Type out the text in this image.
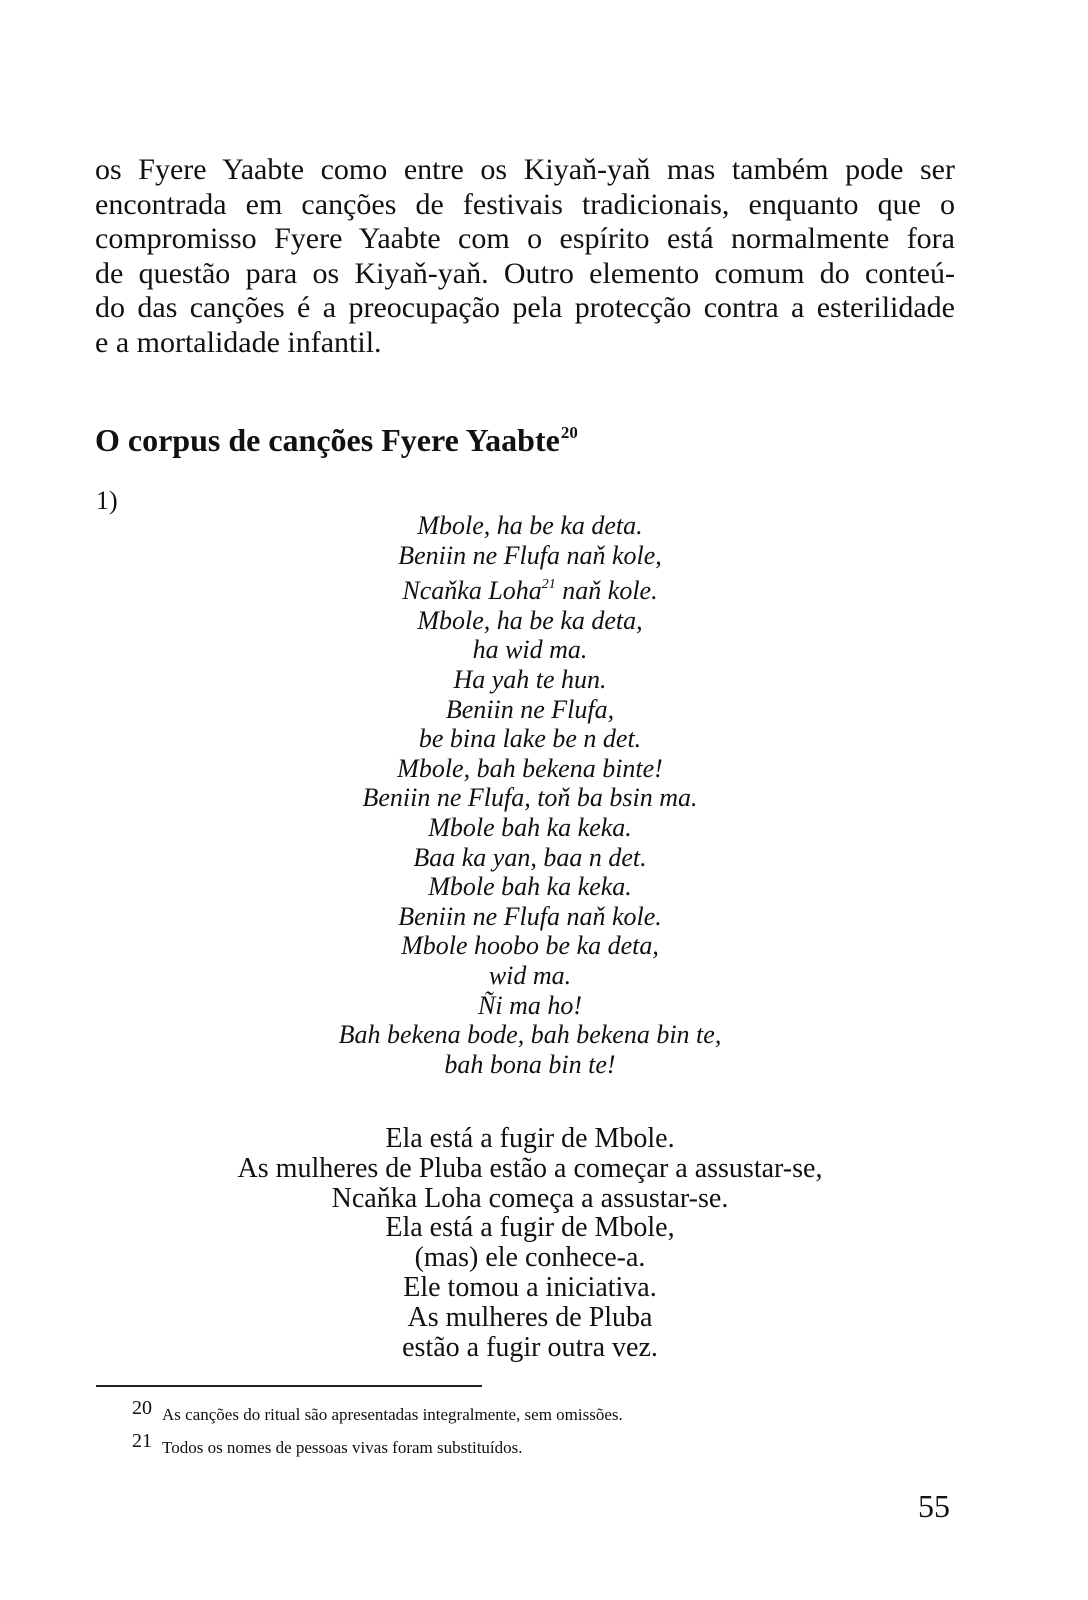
os Fyere Yaabte como entre os Kiyaň-yaň mas também pode ser
encontrada em canções de festivais tradicionais, enquanto que o
compromisso Fyere Yaabte com o espírito está normalmente fora
de questão para os Kiyaň-yaň. Outro elemento comum do conteú-
do das canções é a preocupação pela protecção contra a esterilidade
e a mortalidade infantil.
O corpus de canções Fyere Yaabte$^{20}$
1)
Mbole, ha be ka deta.
Beniin ne Flufa naň kole,
Ncaňka Loha$^{21}$ naň kole.
Mbole, ha be ka deta,
ha wid ma.
Ha yah te hun.
Beniin ne Flufa,
be bina lake be n det.
Mbole, bah bekena binte!
Beniin ne Flufa, toň ba bsin ma.
Mbole bah ka keka.
Baa ka yan, baa n det.
Mbole bah ka keka.
Beniin ne Flufa naň kole.
Mbole hoobo be ka deta,
wid ma.
Ñi ma ho!
Bah bekena bode, bah bekena bin te,
bah bona bin te!
Ela está a fugir de Mbole.
As mulheres de Pluba estão a começar a assustar-se,
Ncaňka Loha começa a assustar-se.
Ela está a fugir de Mbole,
(mas) ele conhece-a.
Ele tomou a iniciativa.
As mulheres de Pluba
estão a fugir outra vez.
20 As canções do ritual são apresentadas integralmente, sem omissões.
21 Todos os nomes de pessoas vivas foram substituídos.
55
